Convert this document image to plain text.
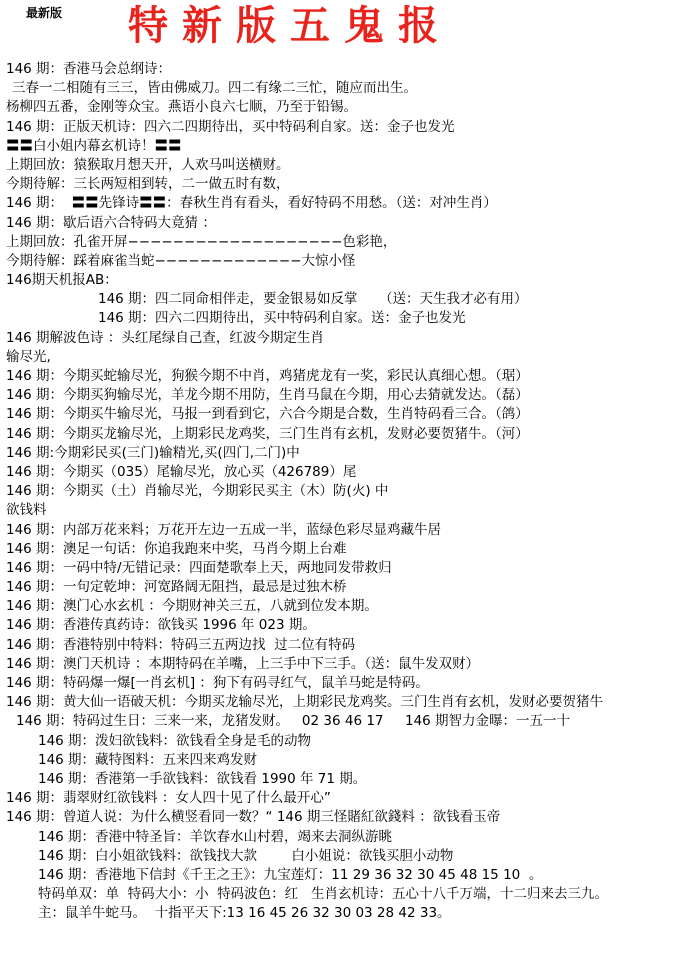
最新版 特新版五鬼报
146 期：香港马会总纲诗：
三春一二相随有三三，皆由佛威刀。四二有缘二三忙，随应而出生。
杨柳四五番，金刚等众宝。燕语小良六七顺，乃至于铅锡。
146 期：正版天机诗：四六二四期待出，买中特码利自家。送：金子也发光
〓〓白小姐内幕玄机诗！〓〓
上期回放：猿猴取月想天开，人欢马叫送横财。
今期待解：三长两短相到转，二一做五时有数，
146 期：  〓〓先锋诗〓〓：春秋生肖有看头，看好特码不用愁。（送：对冲生肖）
146 期：歇后语六合特码大竟猜 ：
上期回放：孔雀开屏−−−−−−−−−−−−−−−−−−−色彩艳，
今期待解：踩着麻雀当蛇−−−−−−−−−−−−−大惊小怪
146期天机报AB：
146 期：四二同命相伴走，要金银易如反掌     （送：天生我才必有用）
146 期：四六二四期待出，买中特码利自家。送：金子也发光
146 期解波色诗 ：头红尾绿自己查，红波今期定生肖
输尽光,
146 期：今期买蛇输尽光，狗猴今期不中肖，鸡猪虎龙有一奖，彩民认真细心想。（琚）
146 期：今期买狗输尽光，羊龙今期不用防，生肖马鼠在今期，用心去猜就发达。（磊）
146 期：今期买牛输尽光，马报一到看到它，六合今期是合数，生肖特码看三合。（鸽）
146 期：今期买龙输尽光，上期彩民龙鸡奖，三门生肖有玄机，发财必要贺猪牛。（河）
146 期:今期彩民买(三门)输精光,买(四门,二门)中
146 期：今期买（035）尾输尽光，放心买（426789）尾
146 期：今期买（土）肖输尽光，今期彩民买主（木）防(火) 中
欲钱料
146 期：内部万花来料；万花开左边一五成一半，蓝绿色彩尽显鸡藏牛居
146 期：澳足一句话：你追我跑来中奖，马肖今期上台难
146 期：一码中特/无错记录：四面楚歌奉上天，两地同发带救归
146 期：一句定乾坤：河宽路阔无阻挡，最忌是过独木桥
146 期：澳门心水玄机 ：今期财神关三五，八就到位发本期。
146 期：香港传真药诗：欲钱买 1996 年 023 期。
146 期：香港特别中特料：特码三五两边找  过二位有特码
146 期：澳门天机诗 ：本期特码在羊嘴，上三手中下三手。（送：鼠牛发双财）
146 期：特码爆一爆[一肖玄机] ：狗下有码寻红气，鼠羊马蛇是特码。
146 期：黄大仙一语破天机：今期买龙输尽光，上期彩民龙鸡奖。三门生肖有玄机，发财必要贺猪牛
146 期：特码过生日：三来一来，龙猪发财。   02 36 46 17     146 期智力金曝：一五一十
146 期：泼妇欲钱料：欲钱看全身是毛的动物
146 期：藏特图料：五来四来鸡发财
146 期：香港第一手欲钱料：欲钱看 1990 年 71 期。
146 期：翡翠财红欲钱料 ：女人四十见了什么最开心”
146 期：曾道人说：为什么横竖看同一数？“ 146 期三怪賭紅欲錢料 ：欲钱看玉帝
146 期：香港中特圣旨：羊饮春水山村碧，竭来去洞纵游眺
146 期：白小姐欲钱料：欲钱找大款        白小姐说：欲钱买胆小动物
146 期：香港地下信封《千王之王》：九宝莲灯：11 29 36 32 30 45 48 15 10  。
特码单双：单  特码大小：小  特码波色：红   生肖玄机诗：五心十八千万端，十二归来去三九。
主：鼠羊牛蛇马。  十指平天下:13 16 45 26 32 30 03 28 42 33。
